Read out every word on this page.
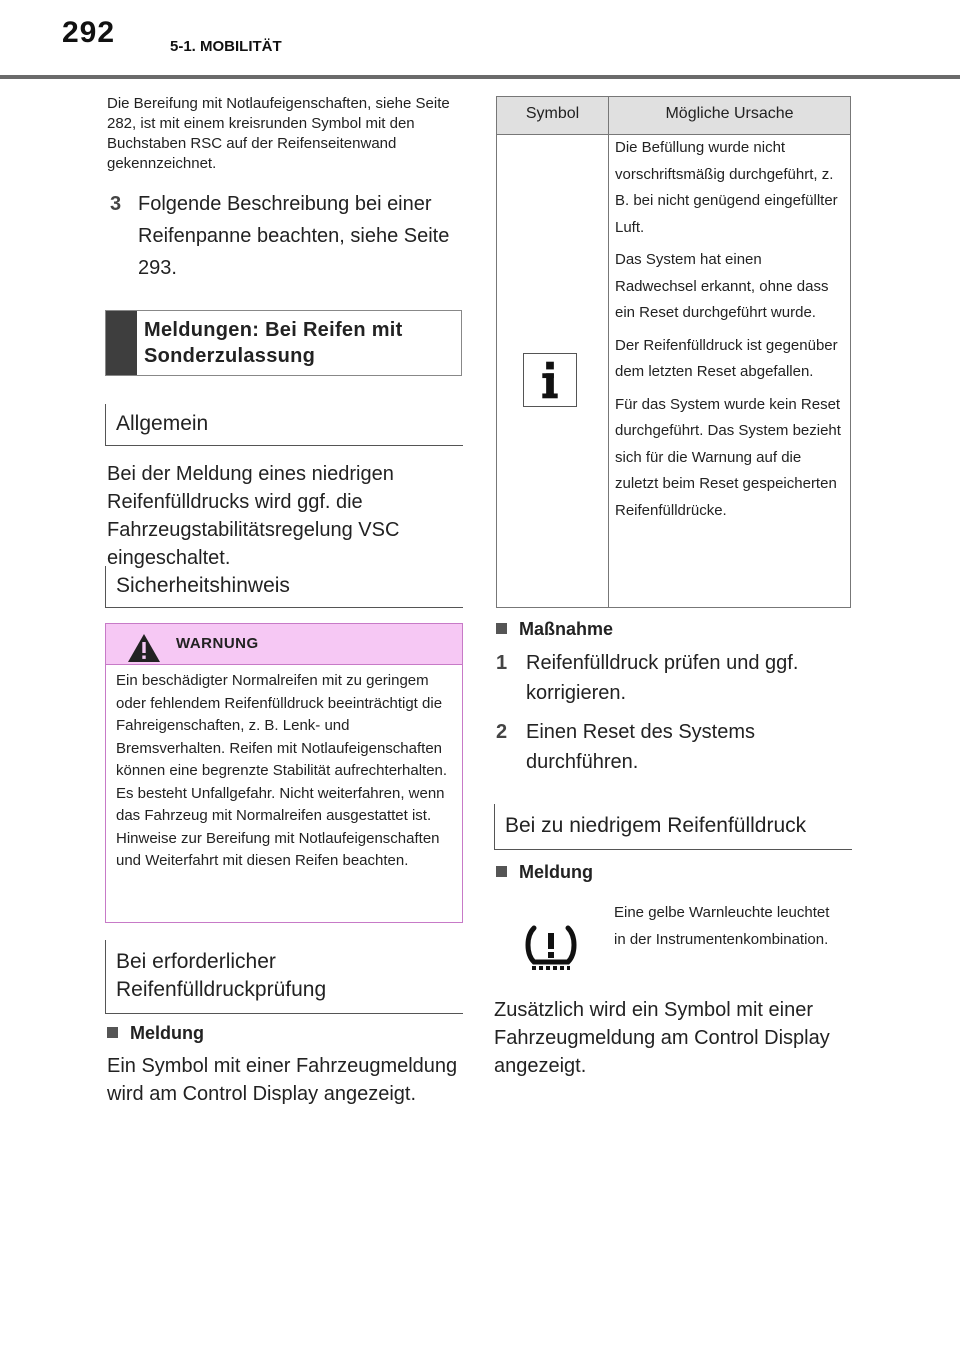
292	5-1. MOBILITÄT
Die Bereifung mit Notlaufeigenschaften, siehe Seite 282, ist mit einem kreisrunden Symbol mit den Buchstaben RSC auf der Reifenseitenwand gekennzeichnet.
3 Folgende Beschreibung bei einer Reifenpanne beachten, siehe Seite 293.
Meldungen: Bei Reifen mit Sonderzulassung
Allgemein
Bei der Meldung eines niedrigen Reifenfülldrucks wird ggf. die Fahrzeugstabilitätsregelung VSC eingeschaltet.
Sicherheitshinweis
WARNUNG
Ein beschädigter Normalreifen mit zu geringem oder fehlendem Reifenfülldruck beeinträchtigt die Fahreigenschaften, z. B. Lenk- und Bremsverhalten. Reifen mit Notlaufeigenschaften können eine begrenzte Stabilität aufrechterhalten. Es besteht Unfallgefahr. Nicht weiterfahren, wenn das Fahrzeug mit Normalreifen ausgestattet ist. Hinweise zur Bereifung mit Notlaufeigenschaften und Weiterfahrt mit diesen Reifen beachten.
Bei erforderlicher Reifenfülldruckprüfung
Meldung
Ein Symbol mit einer Fahrzeugmeldung wird am Control Display angezeigt.
Symbol	Mögliche Ursache

Die Befüllung wurde nicht vorschriftsmäßig durchgeführt, z. B. bei nicht genügend eingefüllter Luft.

Das System hat einen Radwechsel erkannt, ohne dass ein Reset durchgeführt wurde.

Der Reifenfülldruck ist gegenüber dem letzten Reset abgefallen.

Für das System wurde kein Reset durchgeführt. Das System bezieht sich für die Warnung auf die zuletzt beim Reset gespeicherten Reifenfülldrücke.

Maßnahme
1 Reifenfülldruck prüfen und ggf. korrigieren.
2 Einen Reset des Systems durchführen.
Bei zu niedrigem Reifenfülldruck
Meldung
Eine gelbe Warnleuchte leuchtet in der Instrumentenkombination.
Zusätzlich wird ein Symbol mit einer Fahrzeugmeldung am Control Display angezeigt.
